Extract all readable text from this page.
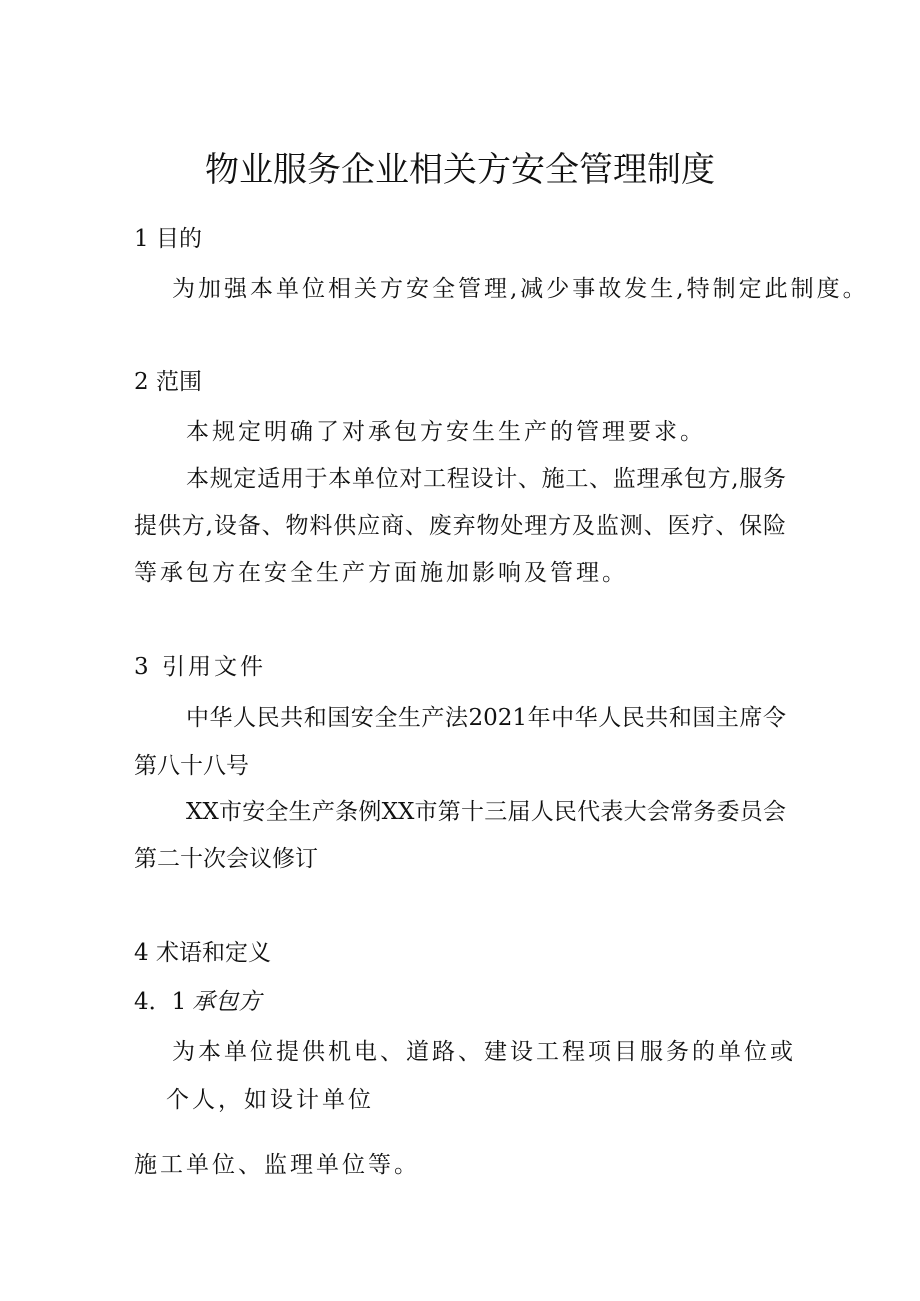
物业服务企业相关方安全管理制度

1 目的

为加强本单位相关方安全管理,减少事故发生,特制定此制度。

2 范围

本规定明确了对承包方安生生产的管理要求。

本规定适用于本单位对工程设计、施工、监理承包方,服务

提供方,设备、物料供应商、废弃物处理方及监测、医疗、保险

等承包方在安全生产方面施加影响及管理。

3 引用文件

中华人民共和国安全生产法2021年中华人民共和国主席令

第八十八号

XX市安全生产条例XX市第十三届人民代表大会常务委员会

第二十次会议修订

4 术语和定义

4．1 承包方

为本单位提供机电、道路、建设工程项目服务的单位或

个人，如设计单位

施工单位、监理单位等。
